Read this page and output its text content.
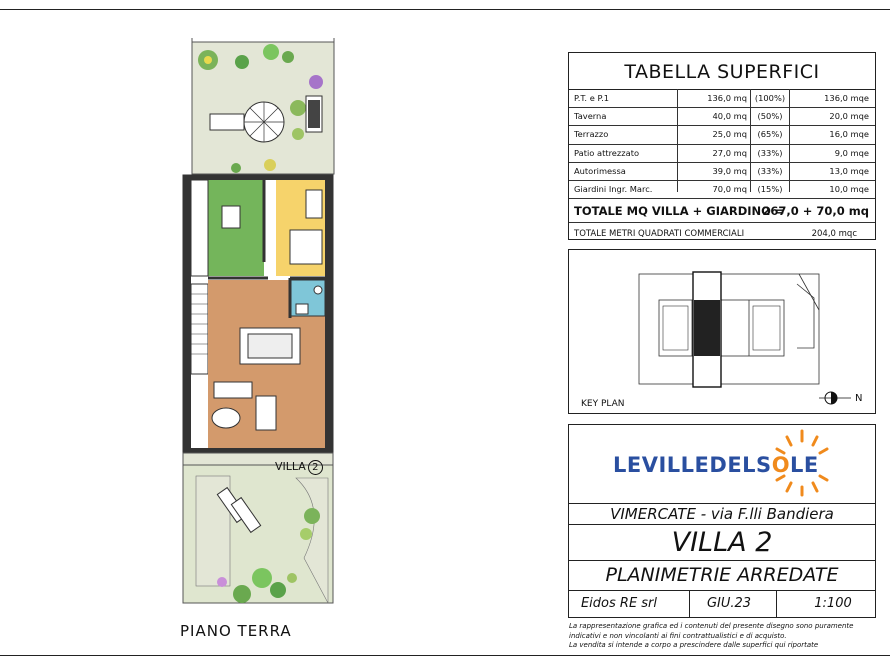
VILLA 2
PIANO TERRA
TABELLA SUPERFICI
P.T. e P.1	136,0 mq (100%)	136,0 mqe
Taverna	40,0 mq	(50%)	20,0 mqe
Terrazzo	25,0 mq	(65%)	16,0 mqe
Patio attrezzato	27,0 mq	(33%)	9,0 mqe
Autorimessa	39,0 mq	(33%)	13,0 mqe
Giardini Ingr. Marc.	70,0 mq	(15%)	10,0 mqe
TOTALE MQ VILLA + GIARDINO =
267,0 + 70,0 mq
TOTALE METRI QUADRATI COMMERCIALI	204,0 mqc
KEY PLAN	N
LEVILLEDELSOLE
VIMERCATE - via F.lli Bandiera
VILLA 2
PLANIMETRIE ARREDATE
Eidos RE srl	GIU.23	1:100
La rappresentazione grafica ed i contenuti del presente disegno sono puramente
indicativi e non vincolanti ai fini contrattualistici e di acquisto.
La vendita si intende a corpo a prescindere dalle superfici qui riportate
